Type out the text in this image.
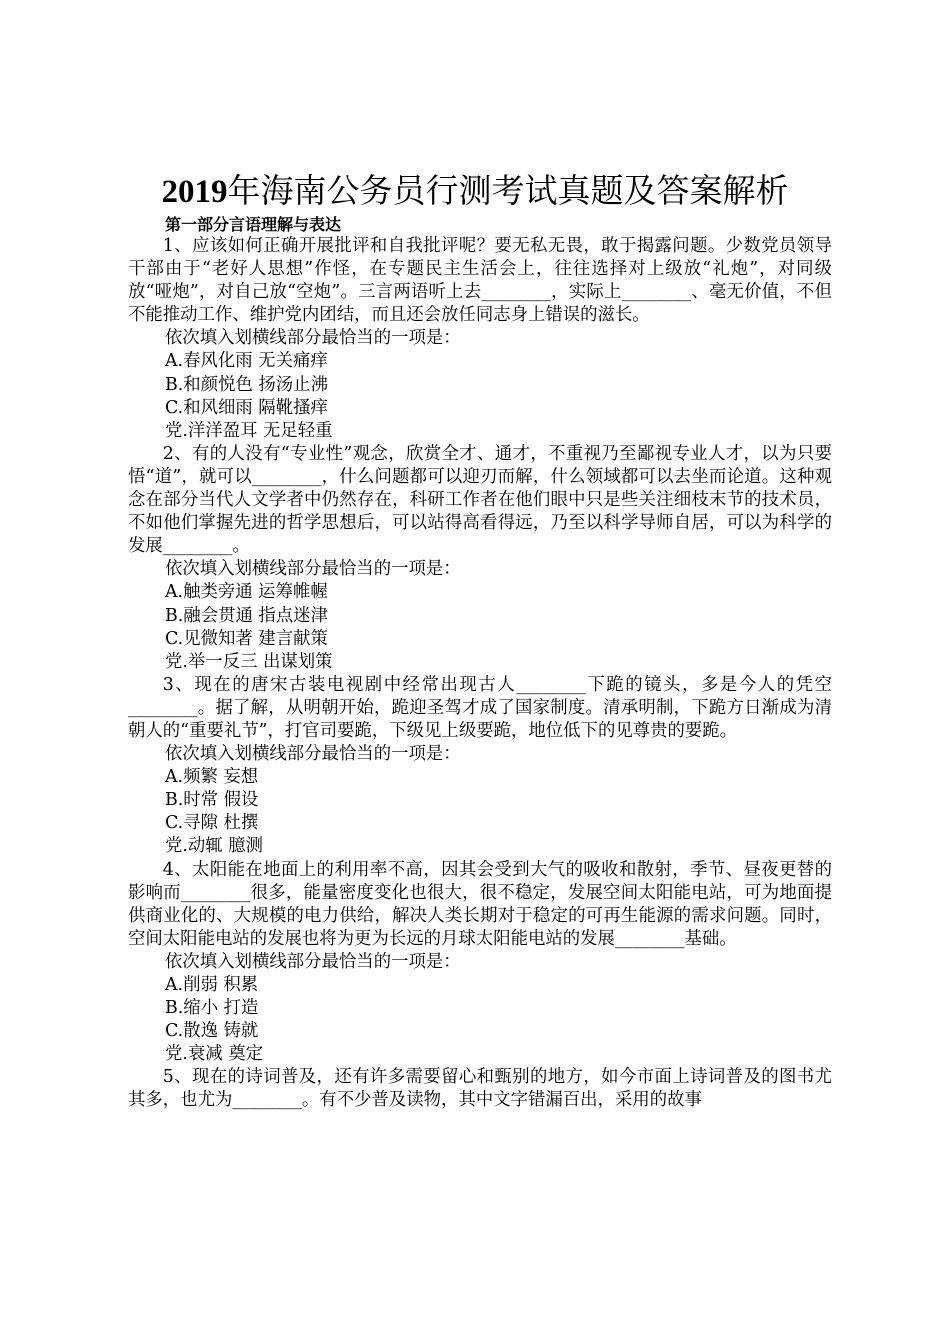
2019年海南公务员行测考试真题及答案解析
第一部分言语理解与表达

1、应该如何正确开展批评和自我批评呢？要无私无畏，敢于揭露问题。少数党员领导干部由于“老好人思想”作怪，在专题民主生活会上，往往选择对上级放“礼炮”，对同级放“哑炮”，对自己放“空炮”。三言两语听上去________，实际上________、毫无价值，不但不能推动工作、维护党内团结，而且还会放任同志身上错误的滋长。

依次填入划横线部分最恰当的一项是：

A.春风化雨 无关痛痒

B.和颜悦色 扬汤止沸

C.和风细雨 隔靴搔痒

党.洋洋盈耳 无足轻重

2、有的人没有“专业性”观念，欣赏全才、通才，不重视乃至鄙视专业人才，以为只要悟“道”，就可以________，什么问题都可以迎刃而解，什么领域都可以去坐而论道。这种观念在部分当代人文学者中仍然存在，科研工作者在他们眼中只是些关注细枝末节的技术员，不如他们掌握先进的哲学思想后，可以站得高看得远，乃至以科学导师自居，可以为科学的发展________。

依次填入划横线部分最恰当的一项是：

A.触类旁通 运筹帷幄

B.融会贯通 指点迷津

C.见微知著 建言献策

党.举一反三 出谋划策

3、现在的唐宋古装电视剧中经常出现古人________下跪的镜头，多是今人的凭空________。据了解，从明朝开始，跪迎圣驾才成了国家制度。清承明制，下跪方日渐成为清朝人的“重要礼节”，打官司要跪，下级见上级要跪，地位低下的见尊贵的要跪。

依次填入划横线部分最恰当的一项是：

A.频繁 妄想

B.时常 假设

C.寻隙 杜撰

党.动辄 臆测

4、太阳能在地面上的利用率不高，因其会受到大气的吸收和散射，季节、昼夜更替的影响而________很多，能量密度变化也很大，很不稳定，发展空间太阳能电站，可为地面提供商业化的、大规模的电力供给，解决人类长期对于稳定的可再生能源的需求问题。同时，空间太阳能电站的发展也将为更为长远的月球太阳能电站的发展________基础。

依次填入划横线部分最恰当的一项是：

A.削弱 积累

B.缩小 打造

C.散逸 铸就

党.衰减 奠定

5、现在的诗词普及，还有许多需要留心和甄别的地方，如今市面上诗词普及的图书尤其多，也尤为________。有不少普及读物，其中文字错漏百出，采用的故事
